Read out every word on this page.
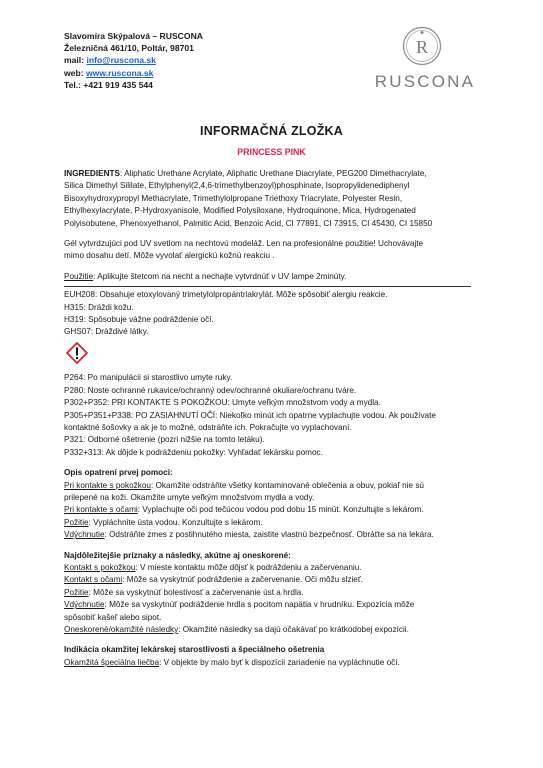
Slavomíra Skýpalová – RUSCONA
Železničná 461/10, Poltár, 98701
mail: info@ruscona.sk
web: www.ruscona.sk
Tel.: +421 919 435 544
R
RUSCONA
INFORMAČNÁ ZLOŽKA
PRINCESS PINK

INGREDIENTS: Aliphatic Urethane Acrylate, Aliphatic Urethane Diacrylate, PEG200 Dimethacrylate,

Silica Dimethyl Sililate, Ethylphenyl(2,4,6-trimethylbenzoyl)phosphinate, Isopropylidenediphenyl

Bisoxyhydroxypropyl Methacrylate, Trimethylolpropane Triethoxy Triacrylate, Polyester Resin,

Ethylhexylacrylate, P-Hydroxyanisole, Modified Polysiloxane, Hydroquinone, Mica, Hydrogenated

Polyisobutene, Phenoxyethanol, Palmitic Acid, Benzoic Acid, CI 77891, CI 73915, CI 45430, CI 15850

Gél vytvrdzujúci pod UV svetlom na nechtovú modeláž. Len na profesionálne použitie! Uchovávajte

mimo dosahu detí. Môže vyvolať alergickú kožnú reakciu .

Použitie: Aplikujte štetcom na necht a nechajte vytvrdnúť v UV lampe 2minúty.

EUH208: Obsahuje etoxylovaný trimetylolpropántriakrylát. Môže spôsobiť alergiu reakcie.

H315: Dráždi kožu.

H319: Spôsobuje vážne podráždenie očí.

GHS07: Dráždivé látky.

P264: Po manipulácii si starostlivo umyte ruky.

P280: Noste ochranné rukavice/ochranný odev/ochranné okuliare/ochranu tváre.

P302+P352: PRI KONTAKTE S POKOŽKOU: Umyte veľkým množstvom vody a mydla.

P305+P351+P338: PO ZASIAHNUTÍ OČÍ: Niekoľko minút ich opatrne vyplachujte vodou. Ak používate

kontaktné šošovky a ak je to možné, odstráňte ich. Pokračujte vo vyplachovaní.

P321: Odborné ošetrenie (pozri nižšie na tomto letáku).

P332+313: Ak dôjde k podráždeniu pokožky: Vyhľadať lekársku pomoc.

Opis opatrení prvej pomoci:

Pri kontakte s pokožkou: Okamžite odstráňte všetky kontaminované oblečenia a obuv, pokiaľ nie sú

prilepené na koži. Okamžite umyte veľkým množstvom mydla a vody.

Pri kontakte s očami: Vyplachujte oči pod tečúcou vodou pod dobu 15 minút. Konzultujte s lekárom.

Požitie: Vypláchnite ústa vodou. Konzultujte s lekárom.

Vdýchnutie: Odstráňte zmes z postihnutého miesta, zaistite vlastnú bezpečnosť. Obráťte sa na lekára.

Najdôležitejšie príznaky a následky, akútne aj oneskorené:

Kontakt s pokožkou: V mieste kontaktu môže dôjsť k podráždeniu a začervenaniu.

Kontakt s očami: Môže sa vyskytnúť podráždenie a začervenanie. Oči môžu slzieť.

Požitie: Môže sa vyskytnúť bolestivosť a začervenanie úst a hrdla.

Vdýchnutie: Môže sa vyskytnúť podráždenie hrdla s pocitom napätia v hrudníku. Expozícia môže

spôsobiť kašeľ alebo sipot.

Oneskorené/okamžité následky: Okamžité následky sa dajú očakávať po krátkodobej expozícii.

Indikácia okamžitej lekárskej starostlivosti a špeciálneho ošetrenia

Okamžitá špeciálna liečba: V objekte by malo byť k dispozícii zariadenie na vypláchnutie očí.
